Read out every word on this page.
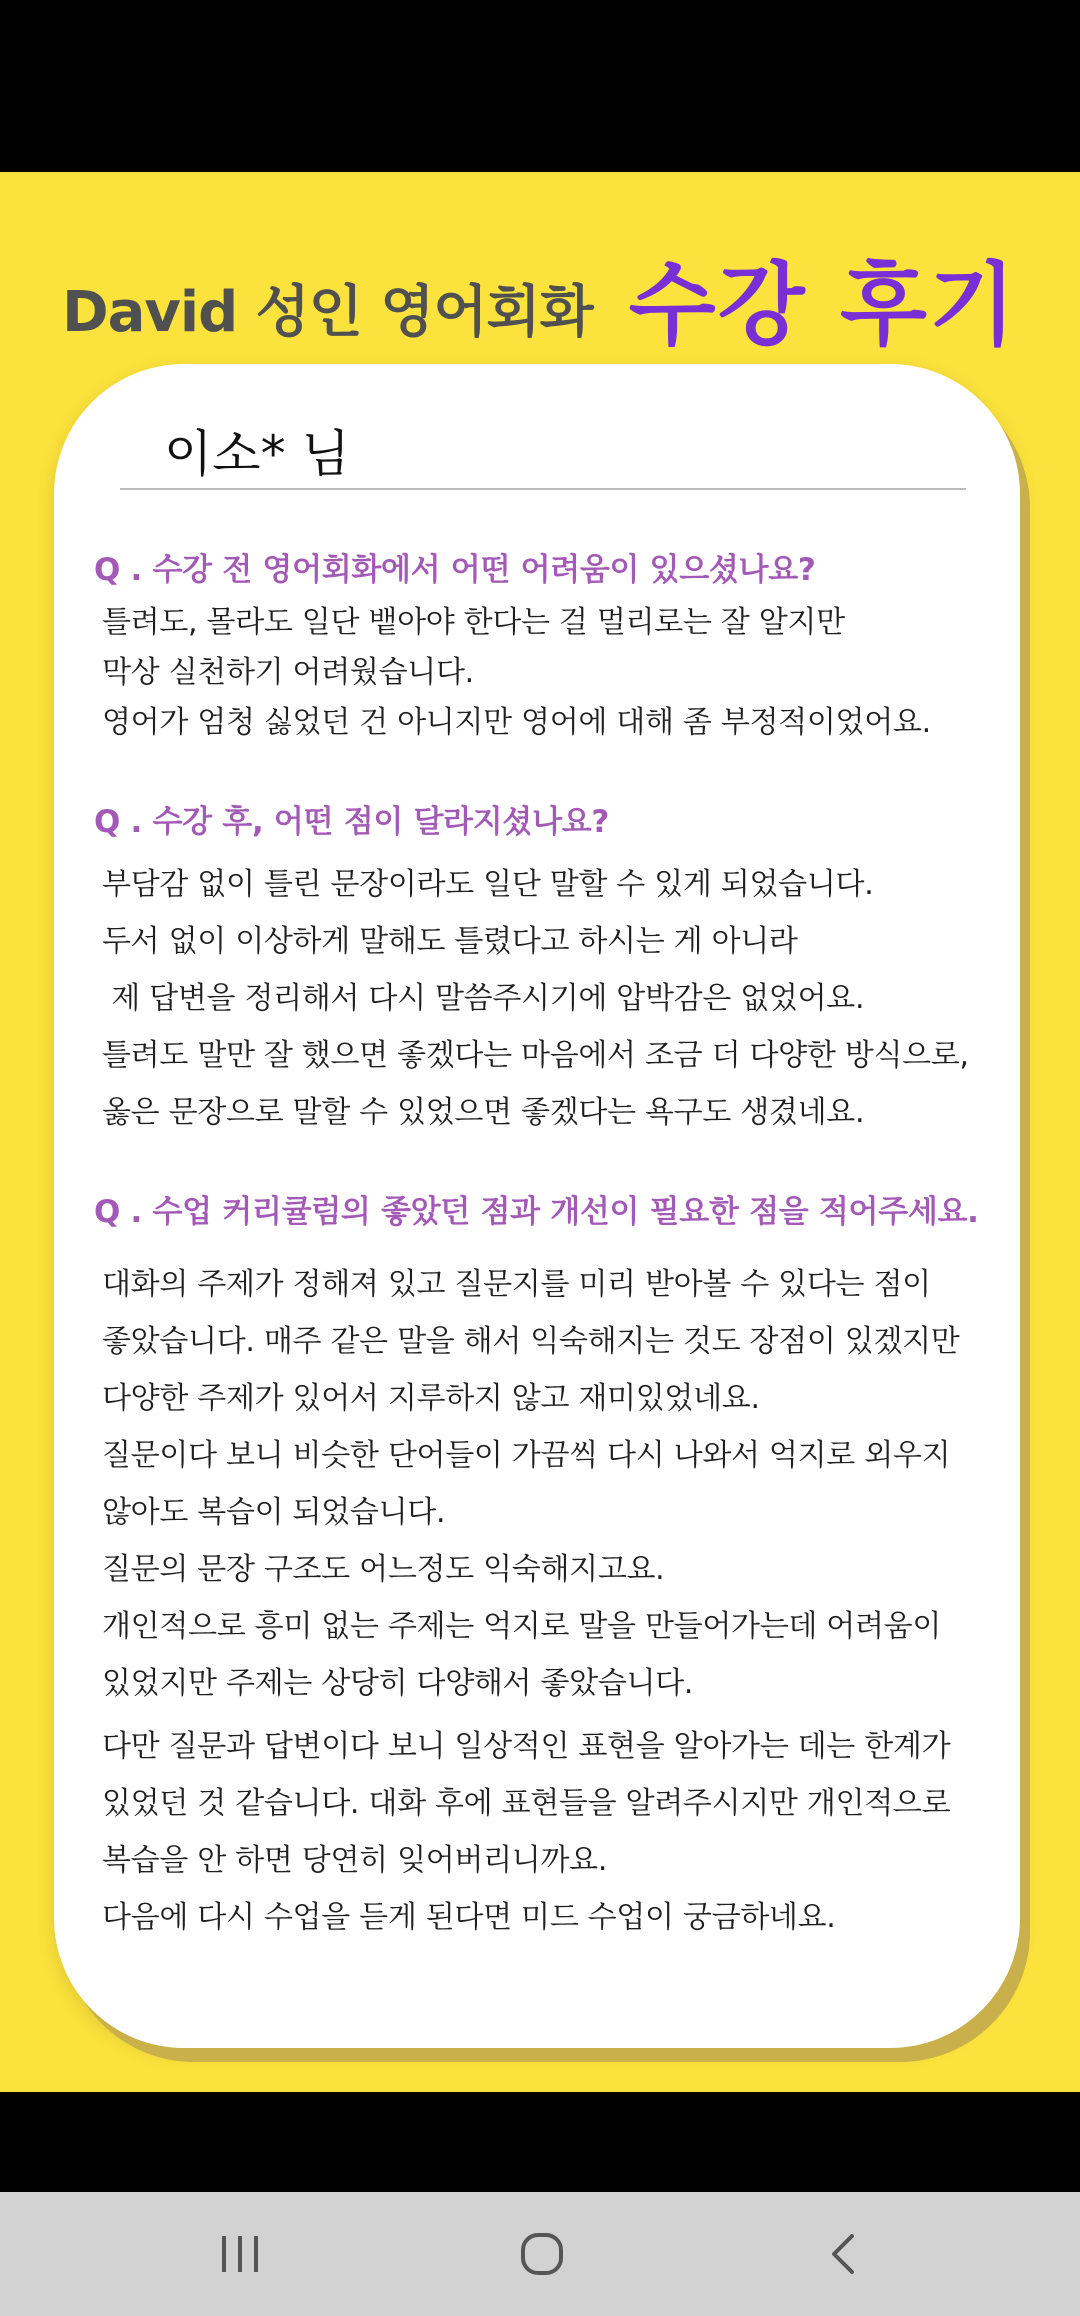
David 성인 영어회화 수강 후기
이소* 님
Q . 수강 전 영어회화에서 어떤 어려움이 있으셨나요?
틀려도, 몰라도 일단 뱉아야 한다는 걸 멀리로는 잘 알지만
막상 실천하기 어려웠습니다.
영어가 엄청 싫었던 건 아니지만 영어에 대해 좀 부정적이었어요.
Q . 수강 후, 어떤 점이 달라지셨나요?
부담감 없이 틀린 문장이라도 일단 말할 수 있게 되었습니다.
두서 없이 이상하게 말해도 틀렸다고 하시는 게 아니라
제 답변을 정리해서 다시 말씀주시기에 압박감은 없었어요.
틀려도 말만 잘 했으면 좋겠다는 마음에서 조금 더 다양한 방식으로,
옳은 문장으로 말할 수 있었으면 좋겠다는 욕구도 생겼네요.
Q . 수업 커리큘럼의 좋았던 점과 개선이 필요한 점을 적어주세요.
대화의 주제가 정해져 있고 질문지를 미리 받아볼 수 있다는 점이
좋았습니다. 매주 같은 말을 해서 익숙해지는 것도 장점이 있겠지만
다양한 주제가 있어서 지루하지 않고 재미있었네요.
질문이다 보니 비슷한 단어들이 가끔씩 다시 나와서 억지로 외우지
않아도 복습이 되었습니다.
질문의 문장 구조도 어느정도 익숙해지고요.
개인적으로 흥미 없는 주제는 억지로 말을 만들어가는데 어려움이
있었지만 주제는 상당히 다양해서 좋았습니다.
다만 질문과 답변이다 보니 일상적인 표현을 알아가는 데는 한계가
있었던 것 같습니다. 대화 후에 표현들을 알려주시지만 개인적으로
복습을 안 하면 당연히 잊어버리니까요.
다음에 다시 수업을 듣게 된다면 미드 수업이 궁금하네요.
